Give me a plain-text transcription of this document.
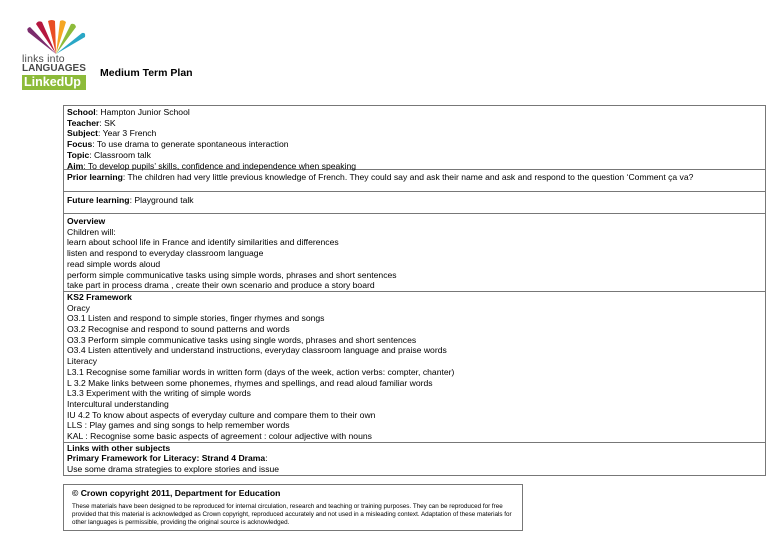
links into
LANGUAGES
LinkedUp
Medium Term Plan
School: Hampton Junior School
Teacher: SK
Subject: Year 3 French
Focus: To use drama to generate spontaneous interaction
Topic: Classroom talk
Aim: To develop pupils’ skills, confidence and independence when speaking
Prior learning: The children had very little previous knowledge of French. They could say and ask their name and ask and respond to the question ‘Comment ça va?
Future learning: Playground talk
Overview
Children will:
learn about school life in France and identify similarities and differences
listen and respond to everyday classroom language
read simple words aloud
perform simple communicative tasks using simple words, phrases and short sentences
take part in process drama , create their own scenario and produce a story board
KS2 Framework
Oracy
O3.1 Listen and respond to simple stories, finger rhymes and songs
O3.2 Recognise and respond to sound patterns and words
O3.3 Perform simple communicative tasks using single words, phrases and short sentences
O3.4 Listen attentively and understand instructions, everyday classroom language and praise words
Literacy
L3.1 Recognise some familiar words in written form (days of the week, action verbs: compter, chanter)
L 3.2 Make links between some phonemes, rhymes and spellings, and read aloud familiar words
L3.3 Experiment with the writing of simple words
Intercultural understanding
IU 4.2 To know about aspects of everyday culture and compare them to their own
LLS : Play games and sing songs to help remember words
KAL : Recognise some basic aspects of agreement : colour adjective with nouns
Links with other subjects
Primary Framework for Literacy: Strand 4 Drama:
Use some drama strategies to explore stories and issue
© Crown copyright 2011, Department for Education
These materials have been designed to be reproduced for internal circulation, research and teaching or training purposes. They can be reproduced for free provided that this material is acknowledged as Crown copyright, reproduced accurately and not used in a misleading context. Adaptation of these materials for other languages is permissible, providing the original source is acknowledged.
